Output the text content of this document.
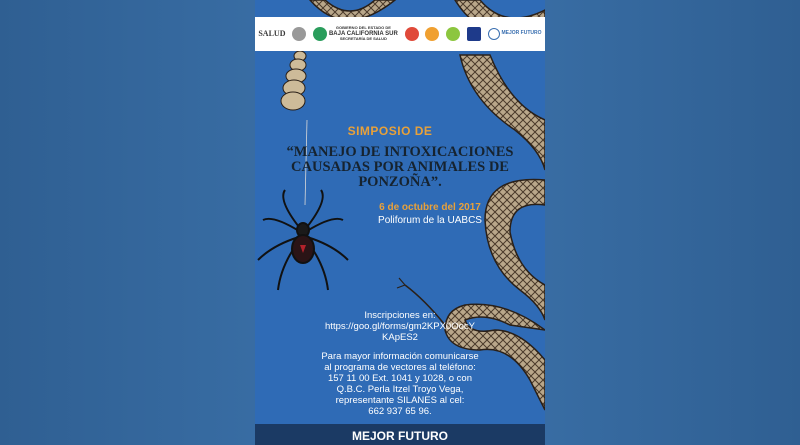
SALUD
GOBIERNO DEL ESTADO DE
BAJA CALIFORNIA SUR
SECRETARÍA DE SALUD
MEJOR FUTURO
SIMPOSIO DE
“MANEJO DE INTOXICACIONES CAUSADAS POR ANIMALES DE PONZOÑA”.
6 de octubre del 2017
Poliforum de la UABCS
Inscripciones en:
https://goo.gl/forms/gm2KPX0OocY
KApES2
Para mayor información comunicarse
al programa de vectores al teléfono:
157 11 00 Ext. 1041 y 1028, o con
Q.B.C. Perla Itzel Troyo Vega,
representante SILANES al cel:
662 937 65 96.
MEJOR FUTURO
